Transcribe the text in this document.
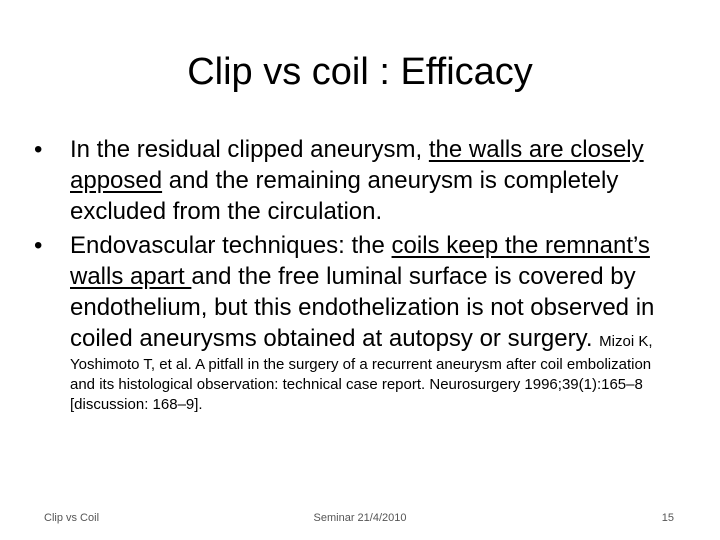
Clip vs coil : Efficacy
• In the residual clipped aneurysm, the walls are closely apposed and the remaining aneurysm is completely excluded from the circulation.
• Endovascular techniques: the coils keep the remnant’s walls apart and the free luminal surface is covered by endothelium, but this endothelization is not observed in coiled aneurysms obtained at autopsy or surgery. Mizoi K,
Yoshimoto T, et al. A pitfall in the surgery of a recurrent aneurysm after coil embolization and its histological observation: technical case report. Neurosurgery 1996;39(1):165–8 [discussion: 168–9].
Clip vs Coil	Seminar 21/4/2010	15
